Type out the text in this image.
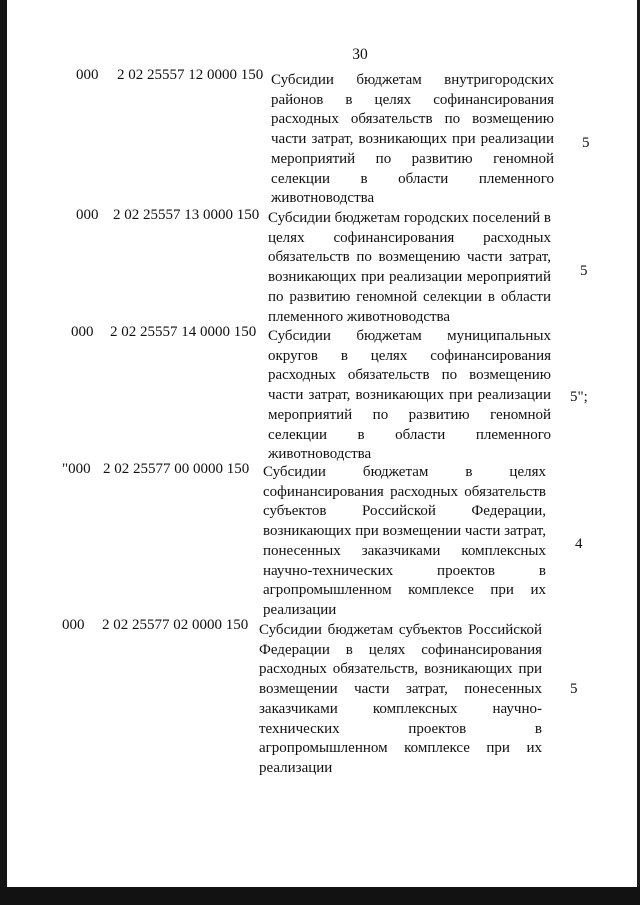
30
000 2 02 25557 12 0000 150 Субсидии бюджетам внутригородских районов в целях софинансирования расходных обязательств по возмещению части затрат, возникающих при реализации мероприятий по развитию геномной селекции в области племенного животноводства
5
000 2 02 25557 13 0000 150 Субсидии бюджетам городских поселений в целях софинансирования расходных обязательств по возмещению части затрат, возникающих при реализации мероприятий по развитию геномной селекции в области племенного животноводства
5
000 2 02 25557 14 0000 150 Субсидии бюджетам муниципальных округов в целях софинансирования расходных обязательств по возмещению части затрат, возникающих при реализации мероприятий по развитию геномной селекции в области племенного животноводства
5";
"000 2 02 25577 00 0000 150 Субсидии бюджетам в целях софинансирования расходных обязательств субъектов Российской Федерации, возникающих при возмещении части затрат, понесенных заказчиками комплексных научно-технических проектов в агропромышленном комплексе при их реализации
4
000 2 02 25577 02 0000 150 Субсидии бюджетам субъектов Российской Федерации в целях софинансирования расходных обязательств, возникающих при возмещении части затрат, понесенных заказчиками комплексных научно-технических проектов в агропромышленном комплексе при их реализации
5
